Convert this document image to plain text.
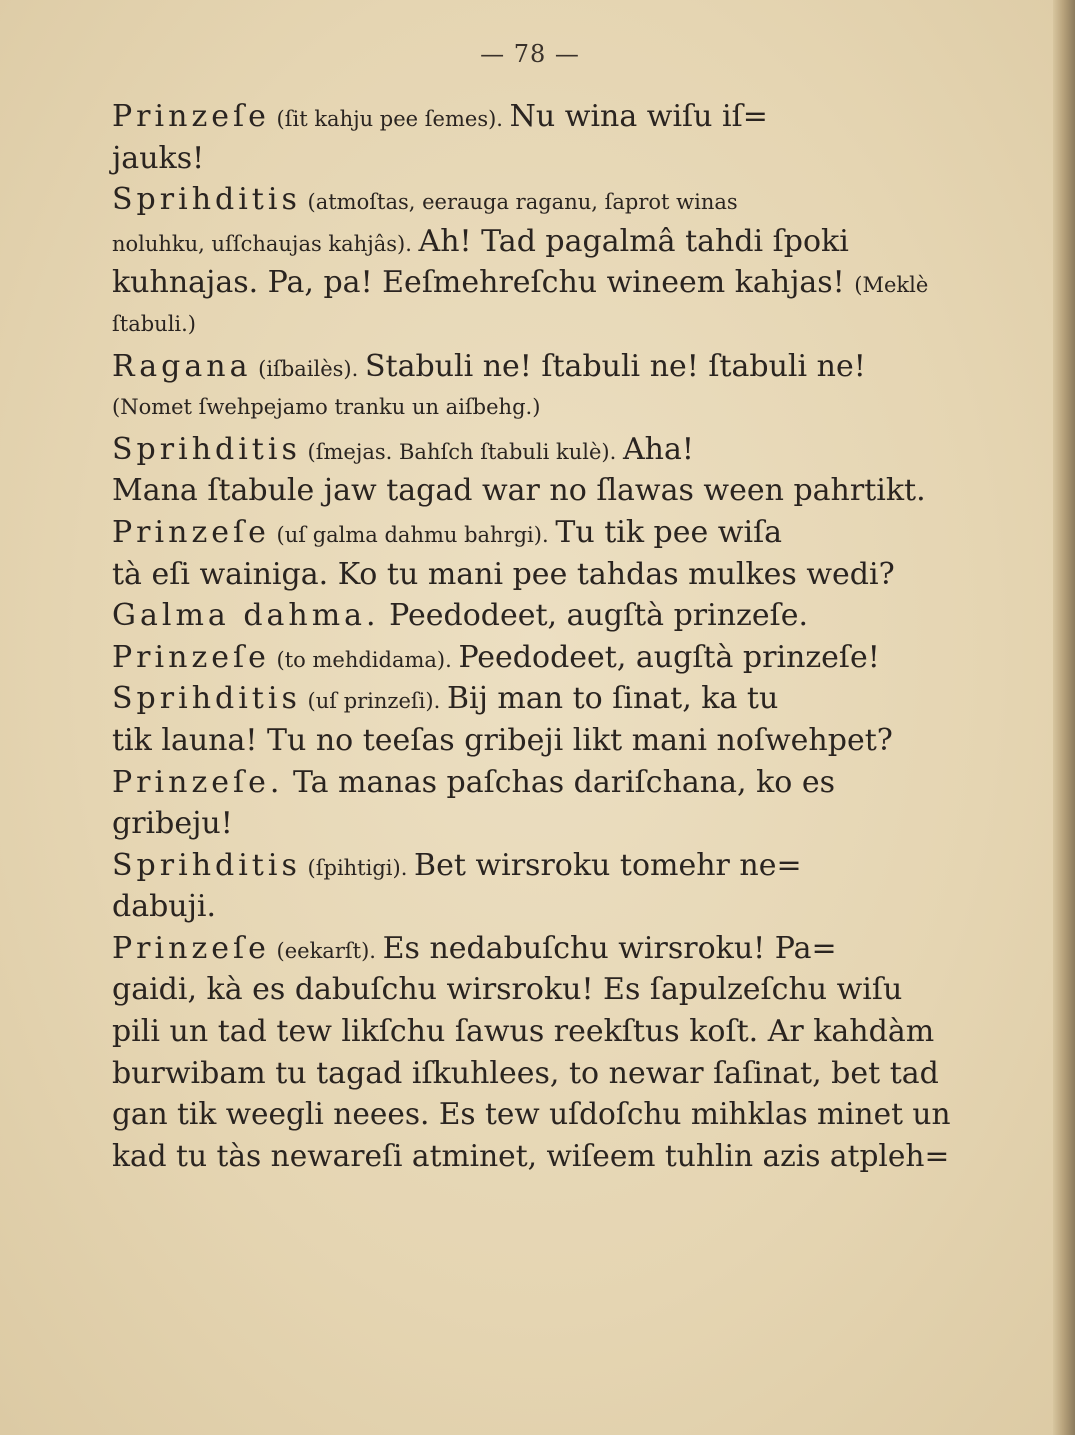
— 78 —
Prinzeſe (ſit kahju pee ſemes). Nu wina wiſu iſ=
jauks!
Sprihditis (atmoſtas, eerauga raganu, ſaprot winas
noluhku, uſſchaujas kahjâs). Ah! Tad pagalmâ tahdi ſpoki
kuhnajas. Pa, pa! Eeſmehreſchu wineem kahjas! (Meklè
ſtabuli.)
Ragana (iſbailès). Stabuli ne! ſtabuli ne! ſtabuli ne!
(Nomet ſwehpejamo tranku un aiſbehg.)
Sprihditis (ſmejas. Bahſch ſtabuli kulè). Aha!
Mana ſtabule jaw tagad war no ſlawas ween pahrtikt.
Prinzeſe (uſ galma dahmu bahrgi). Tu tik pee wiſa
tà eſi wainiga. Ko tu mani pee tahdas mulkes wedi?
Galma dahma. Peedodeet, augſtà prinzeſe.
Prinzeſe (to mehdidama). Peedodeet, augſtà prinzeſe!
Sprihditis (uſ prinzeſi). Bij man to ſinat, ka tu
tik launa! Tu no teeſas gribeji likt mani noſwehpet?
Prinzeſe. Ta manas paſchas dariſchana, ko es
gribeju!
Sprihditis (ſpihtigi). Bet wirsroku tomehr ne=
dabuji.
Prinzeſe (eekarſt). Es nedabuſchu wirsroku! Pa=
gaidi, kà es dabuſchu wirsroku! Es ſapulzeſchu wiſu
pili un tad tew likſchu ſawus reekſtus koſt. Ar kahdàm
burwibam tu tagad iſkuhlees, to newar ſaſinat, bet tad
gan tik weegli neees. Es tew uſdoſchu mihklas minet un
kad tu tàs newareſi atminet, wiſeem tuhlin azis atpleh=
